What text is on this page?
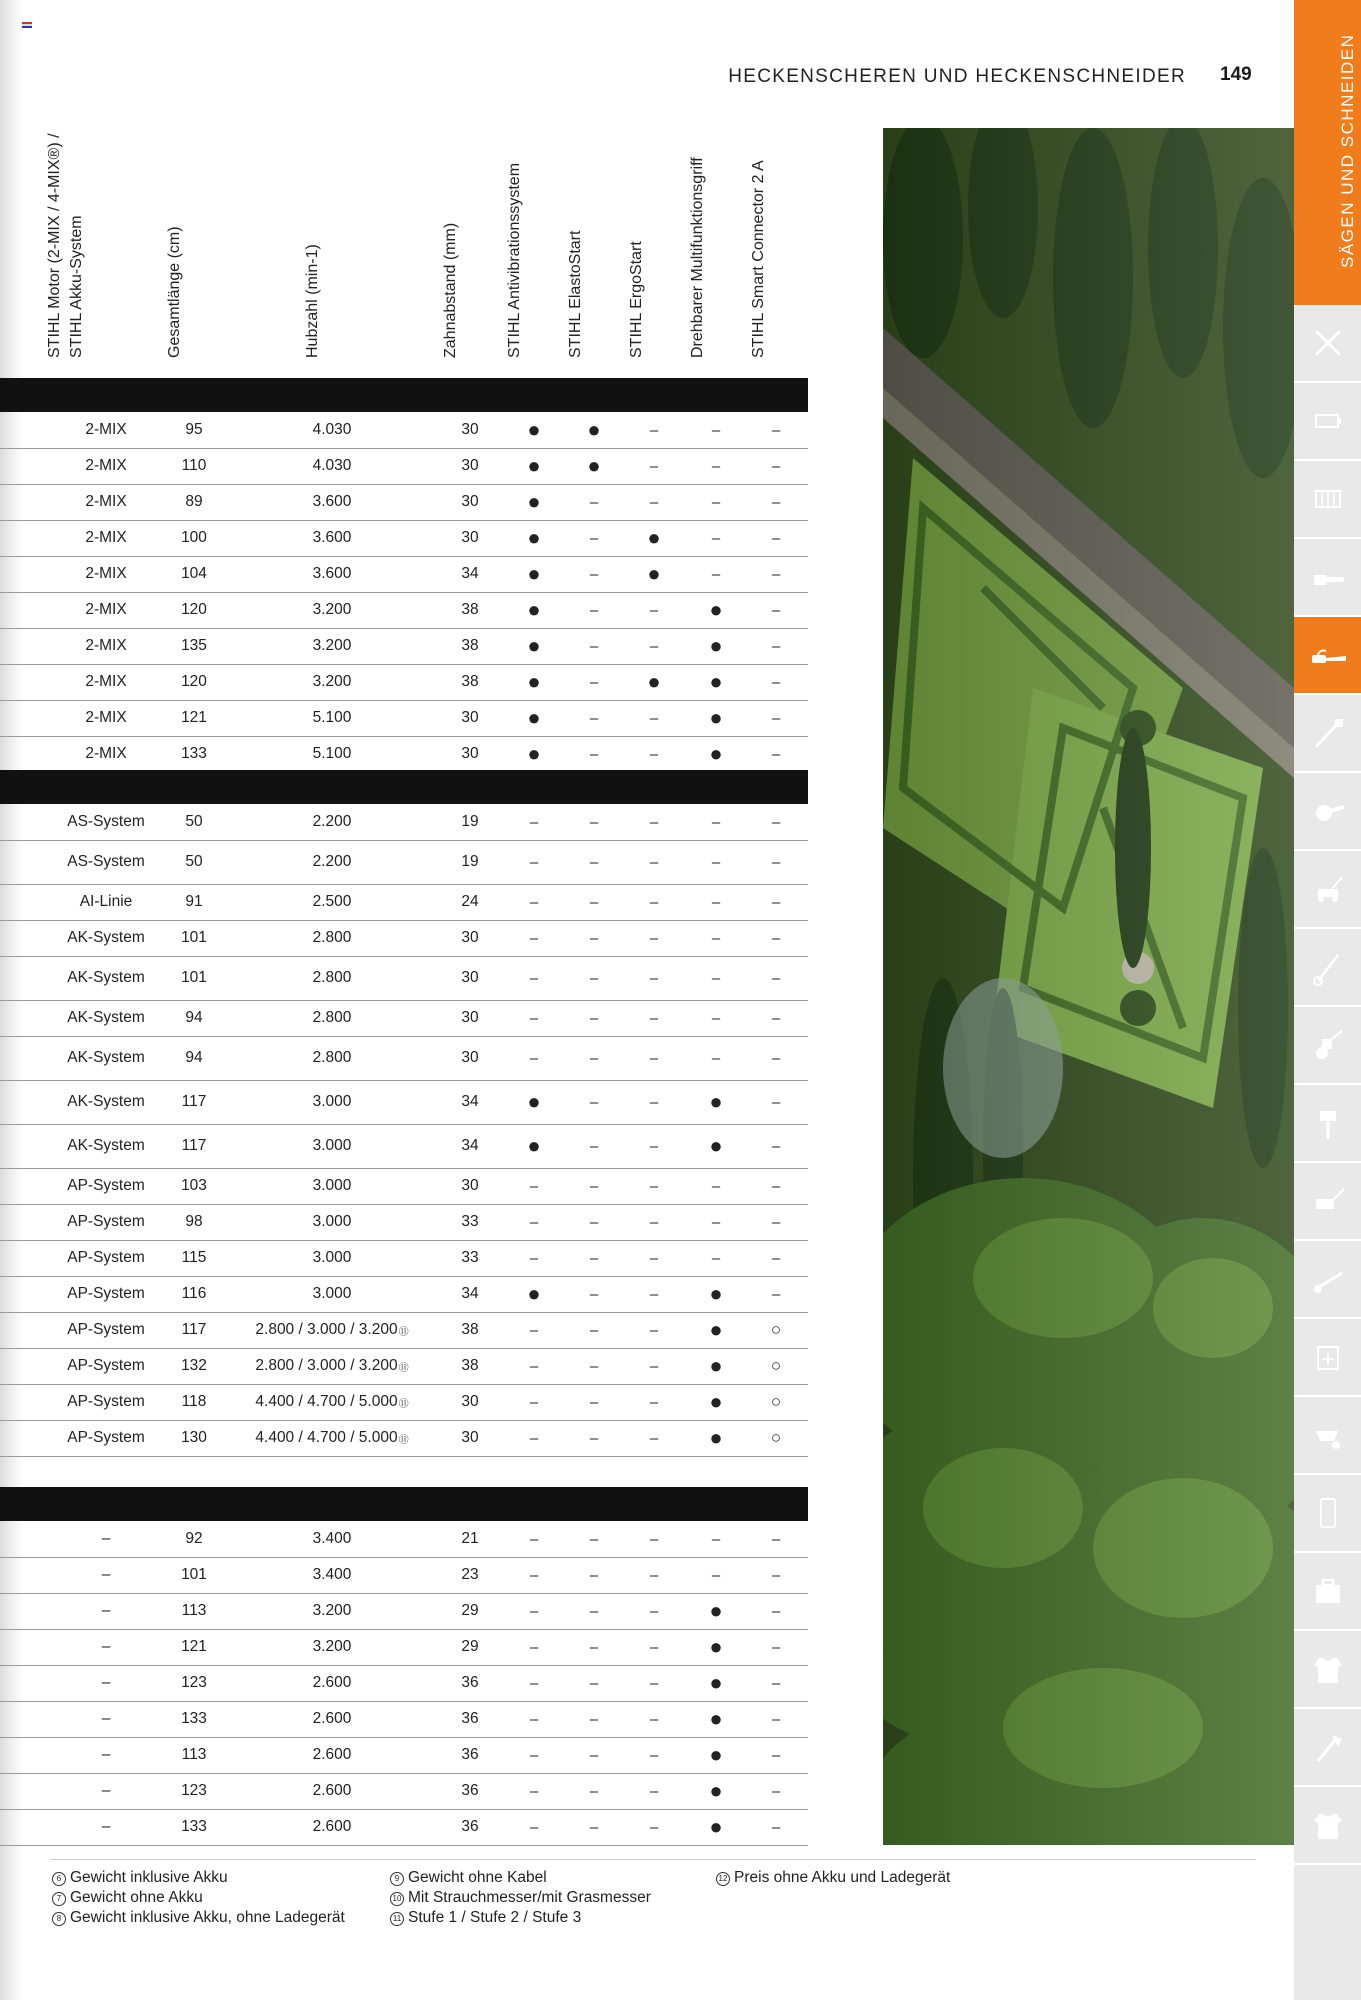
HECKENSCHEREN UND HECKENSCHNEIDER 149
STIHL Motor (2-MIX / 4-MIX®) / STIHL Akku-System	Gesamtlänge (cm)	Hubzahl (min-1)	Zahnabstand (mm)	STIHL Antivibrationssystem	STIHL ElastoStart	STIHL ErgoStart	Drehbarer Multifunktionsgriff	STIHL Smart Connector 2 A
2-MIX	95	4.030	30	●	●	–	–	–
2-MIX	110	4.030	30	●	●	–	–	–
2-MIX	89	3.600	30	●	–	–	–	–
2-MIX	100	3.600	30	●	–	●	–	–
2-MIX	104	3.600	34	●	–	●	–	–
2-MIX	120	3.200	38	●	–	–	●	–
2-MIX	135	3.200	38	●	–	–	●	–
2-MIX	120	3.200	38	●	–	●	●	–
2-MIX	121	5.100	30	●	–	–	●	–
2-MIX	133	5.100	30	●	–	–	●	–
AS-System	50	2.200	19	–	–	–	–	–
AS-System	50	2.200	19	–	–	–	–	–
AI-Linie	91	2.500	24	–	–	–	–	–
AK-System	101	2.800	30	–	–	–	–	–
AK-System	101	2.800	30	–	–	–	–	–
AK-System	94	2.800	30	–	–	–	–	–
AK-System	94	2.800	30	–	–	–	–	–
AK-System	117	3.000	34	●	–	–	●	–
AK-System	117	3.000	34	●	–	–	●	–
AP-System	103	3.000	30	–	–	–	–	–
AP-System	98	3.000	33	–	–	–	–	–
AP-System	115	3.000	33	–	–	–	–	–
AP-System	116	3.000	34	●	–	–	●	–
AP-System	117	2.800 / 3.000 / 3.200 ⑪	38	–	–	–	●	○
AP-System	132	2.800 / 3.000 / 3.200 ⑪	38	–	–	–	●	○
AP-System	118	4.400 / 4.700 / 5.000 ⑪	30	–	–	–	●	○
AP-System	130	4.400 / 4.700 / 5.000 ⑪	30	–	–	–	●	○
–	92	3.400	21	–	–	–	–	–
–	101	3.400	23	–	–	–	–	–
–	113	3.200	29	–	–	–	●	–
–	121	3.200	29	–	–	–	●	–
–	123	2.600	36	–	–	–	●	–
–	133	2.600	36	–	–	–	●	–
–	113	2.600	36	–	–	–	●	–
–	123	2.600	36	–	–	–	●	–
–	133	2.600	36	–	–	–	●	–
SÄGEN UND SCHNEIDEN
6 Gewicht inklusive Akku
7 Gewicht ohne Akku
8 Gewicht inklusive Akku, ohne Ladegerät
9 Gewicht ohne Kabel
10 Mit Strauchmesser/mit Grasmesser
11 Stufe 1 / Stufe 2 / Stufe 3
12 Preis ohne Akku und Ladegerät
